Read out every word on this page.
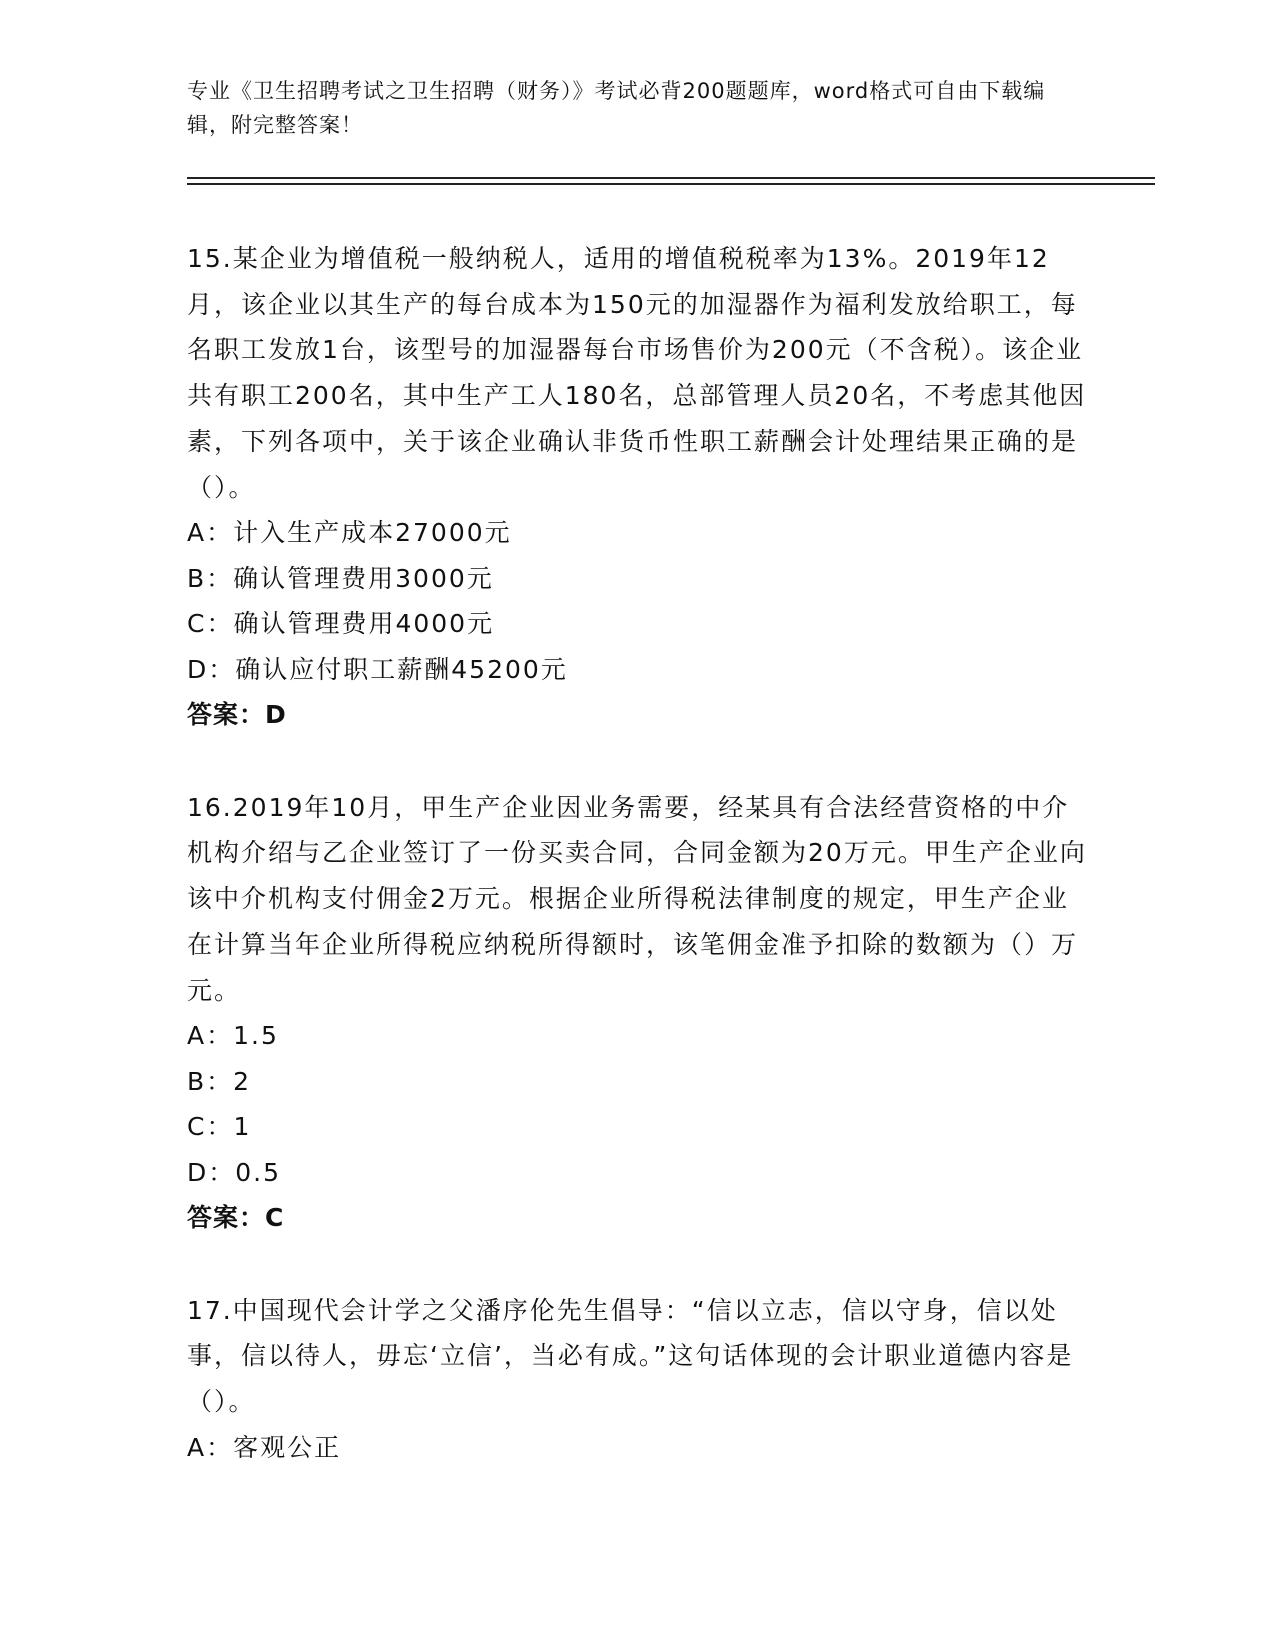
专业《卫生招聘考试之卫生招聘（财务）》考试必背200题题库，word格式可自由下载编辑，附完整答案！

15.某企业为增值税一般纳税人，适用的增值税税率为13%。2019年12月，该企业以其生产的每台成本为150元的加湿器作为福利发放给职工，每名职工发放1台，该型号的加湿器每台市场售价为200元（不含税）。该企业共有职工200名，其中生产工人180名，总部管理人员20名，不考虑其他因素，下列各项中，关于该企业确认非货币性职工薪酬会计处理结果正确的是（）。

A：计入生产成本27000元

B：确认管理费用3000元

C：确认管理费用4000元

D：确认应付职工薪酬45200元

答案：D

16.2019年10月，甲生产企业因业务需要，经某具有合法经营资格的中介机构介绍与乙企业签订了一份买卖合同，合同金额为20万元。甲生产企业向该中介机构支付佣金2万元。根据企业所得税法律制度的规定，甲生产企业在计算当年企业所得税应纳税所得额时，该笔佣金准予扣除的数额为（）万元。

A：1.5

B：2

C：1

D：0.5

答案：C

17.中国现代会计学之父潘序伦先生倡导：“信以立志，信以守身，信以处事，信以待人，毋忘‘立信’，当必有成。”这句话体现的会计职业道德内容是（）。

A：客观公正
